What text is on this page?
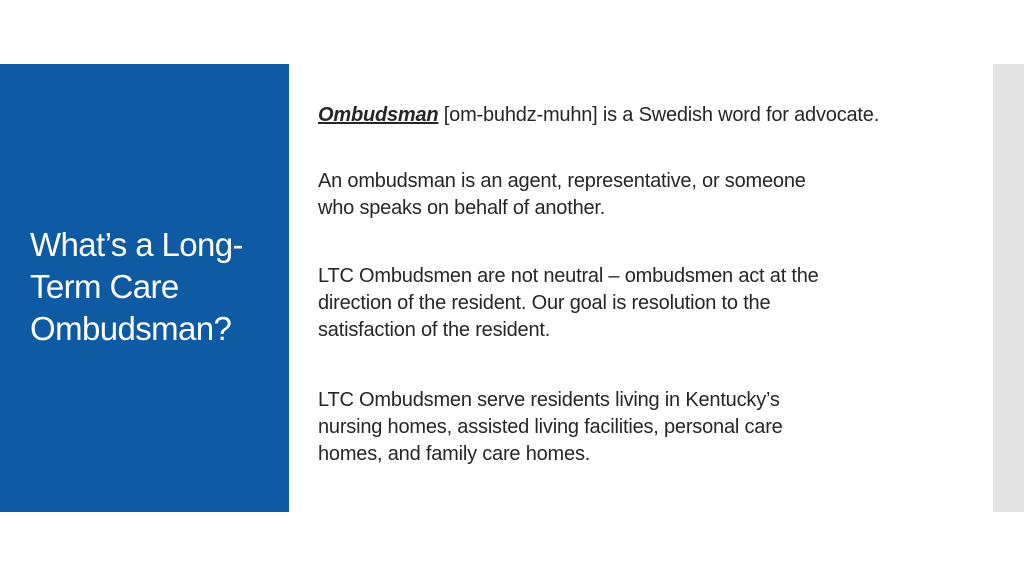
What’s a Long-Term Care Ombudsman?

Ombudsman [om-buhdz-muhn] is a Swedish word for advocate.

An ombudsman is an agent, representative, or someone
who speaks on behalf of another.

LTC Ombudsmen are not neutral – ombudsmen act at the
direction of the resident. Our goal is resolution to the
satisfaction of the resident.

LTC Ombudsmen serve residents living in Kentucky’s
nursing homes, assisted living facilities, personal care
homes, and family care homes.
